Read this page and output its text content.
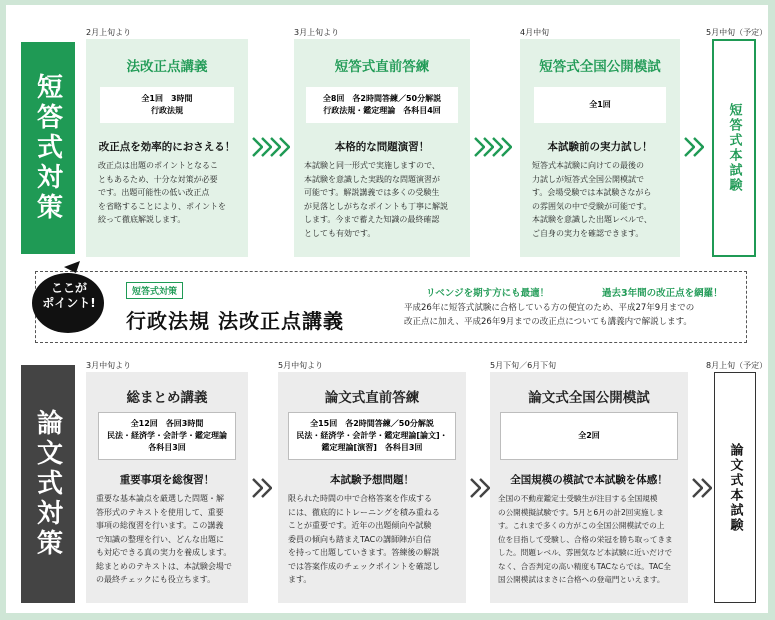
短答式対策
2月上旬より
法改正点講義
全1回　3時間
行政法規
改正点を効率的におさえる！
改正点は出題のポイントとなるこ
ともあるため、十分な対策が必要
です。出題可能性の低い改正点
を省略することにより、ポイントを
絞って徹底解説します。
3月上旬より
短答式直前答練
全8回　各2時間答練／50分解説
行政法規・鑑定理論　各科目4回
本格的な問題演習！
本試験と同一形式で実施しますので、
本試験を意識した実践的な問題演習が
可能です。解説講義では多くの受験生
が見落としがちなポイントも丁寧に解説
します。今まで蓄えた知識の最終確認
としても有効です。
4月中旬
短答式全国公開模試
全1回
本試験前の実力試し！
短答式本試験に向けての最後の
力試しが短答式全国公開模試で
す。会場受験では本試験さながら
の雰囲気の中で受験が可能です。
本試験を意識した出題レベルで、
ご自身の実力を確認できます。
5月中旬（予定）
短答式本試験
ここが
ポイント!
短答式対策
行政法規 法改正点講義
リベンジを期す方にも最適！	過去3年間の改正点を網羅！
平成26年に短答式試験に合格している方の便宜のため、平成27年9月までの
改正点に加え、平成26年9月までの改正点についても講義内で解説します。
論文式対策
3月中旬より
総まとめ講義
全12回　各回3時間
民法・経済学・会計学・鑑定理論
各科目3回
重要事項を総復習！
重要な基本論点を厳選した問題・解
答形式のテキストを使用して、重要
事項の総復習を行います。この講義
で知識の整理を行い、どんな出題に
も対応できる真の実力を養成します。
総まとめのテキストは、本試験会場で
の最終チェックにも役立ちます。
5月中旬より
論文式直前答練
全15回　各2時間答練／50分解説
民法・経済学・会計学・鑑定理論[論文]・
鑑定理論[演習]　各科目3回
本試験予想問題！
限られた時間の中で合格答案を作成する
には、徹底的にトレーニングを積み重ねる
ことが重要です。近年の出題傾向や試験
委員の傾向も踏まえTACの講師陣が自信
を持って出題していきます。答練後の解説
では答案作成のチェックポイントを確認し
ます。
5月下旬／6月下旬
論文式全国公開模試
全2回
全国規模の模試で本試験を体感！
全国の不動産鑑定士受験生が注目する全国規模
の公開模擬試験です。5月と6月の計2回実施しま
す。これまで多くの方がこの全国公開模試での上
位を目指して受験し、合格の栄冠を勝ち取ってきま
した。問題レベル、雰囲気など本試験に近いだけで
なく、合否判定の高い精度もTACならでは。TAC全
国公開模試はまさに合格への登竜門といえます。
8月上旬（予定）
論文式本試験
